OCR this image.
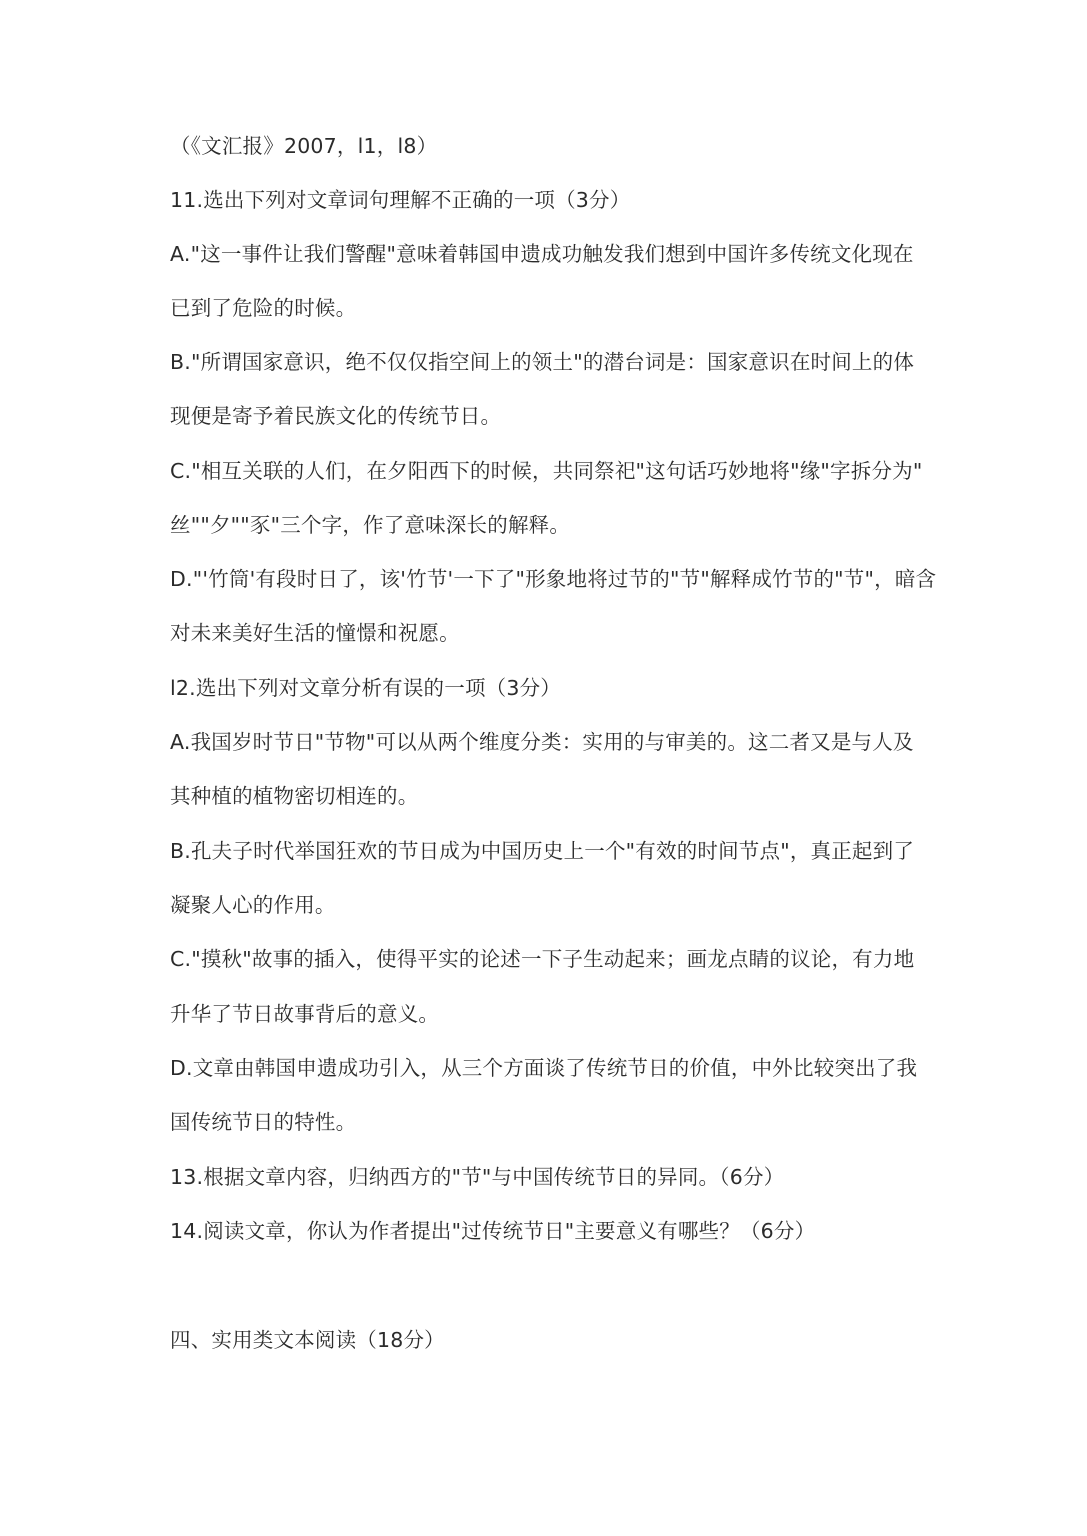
（《文汇报》2007，l1，l8）
11.选出下列对文章词句理解不正确的一项（3分）
A."这一事件让我们警醒"意味着韩国申遗成功触发我们想到中国许多传统文化现在
已到了危险的时候。
B."所谓国家意识，绝不仅仅指空间上的领土"的潜台词是：国家意识在时间上的体
现便是寄予着民族文化的传统节日。
C."相互关联的人们，在夕阳西下的时候，共同祭祀"这句话巧妙地将"缘"字拆分为"
丝""夕""豕"三个字，作了意味深长的解释。
D."'竹筒'有段时日了，该'竹节'一下了"形象地将过节的"节"解释成竹节的"节"，暗含
对未来美好生活的憧憬和祝愿。
l2.选出下列对文章分析有误的一项（3分）
A.我国岁时节日"节物"可以从两个维度分类：实用的与审美的。这二者又是与人及
其种植的植物密切相连的。
B.孔夫子时代举国狂欢的节日成为中国历史上一个"有效的时间节点"，真正起到了
凝聚人心的作用。
C."摸秋"故事的插入，使得平实的论述一下子生动起来；画龙点睛的议论，有力地
升华了节日故事背后的意义。
D.文章由韩国申遗成功引入，从三个方面谈了传统节日的价值，中外比较突出了我
国传统节日的特性。
13.根据文章内容，归纳西方的"节"与中国传统节日的异同。（6分）
14.阅读文章，你认为作者提出"过传统节日"主要意义有哪些？（6分）
四、实用类文本阅读（18分）
